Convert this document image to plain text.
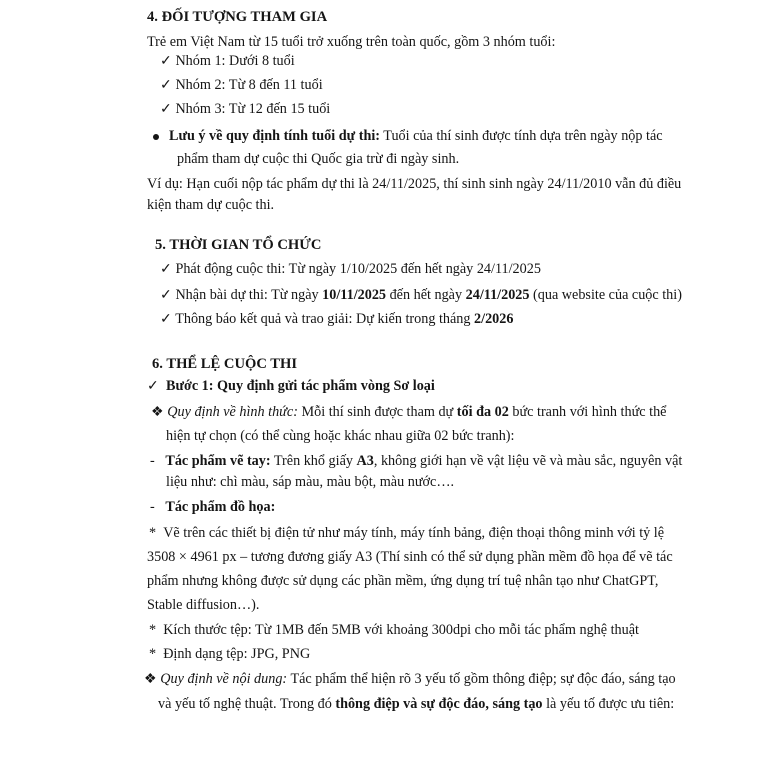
4. ĐỐI TƯỢNG THAM GIA
Trẻ em Việt Nam từ 15 tuổi trở xuống trên toàn quốc, gồm 3 nhóm tuổi:
✓ Nhóm 1: Dưới 8 tuổi
✓ Nhóm 2: Từ 8 đến 11 tuổi
✓ Nhóm 3: Từ 12 đến 15 tuổi
Lưu ý về quy định tính tuổi dự thi: Tuổi của thí sinh được tính dựa trên ngày nộp tác
phẩm tham dự cuộc thi Quốc gia trừ đi ngày sinh.
Ví dụ: Hạn cuối nộp tác phẩm dự thi là 24/11/2025, thí sinh sinh ngày 24/11/2010 vẫn đủ điều
kiện tham dự cuộc thi.
5. THỜI GIAN TỔ CHỨC
✓ Phát động cuộc thi: Từ ngày 1/10/2025 đến hết ngày 24/11/2025
✓ Nhận bài dự thi: Từ ngày 10/11/2025 đến hết ngày 24/11/2025 (qua website của cuộc thi)
✓ Thông báo kết quả và trao giải: Dự kiến trong tháng 2/2026
6. THỂ LỆ CUỘC THI
✓ Bước 1: Quy định gửi tác phẩm vòng Sơ loại
❖ Quy định về hình thức: Mỗi thí sinh được tham dự tối đa 02 bức tranh với hình thức thể
hiện tự chọn (có thể cùng hoặc khác nhau giữa 02 bức tranh):
- Tác phẩm vẽ tay: Trên khổ giấy A3, không giới hạn về vật liệu vẽ và màu sắc, nguyên vật
liệu như: chì màu, sáp màu, màu bột, màu nước….
- Tác phẩm đồ họa:
* Vẽ trên các thiết bị điện tử như máy tính, máy tính bảng, điện thoại thông minh với tỷ lệ
3508 × 4961 px – tương đương giấy A3 (Thí sinh có thể sử dụng phần mềm đồ họa để vẽ tác
phẩm nhưng không được sử dụng các phần mềm, ứng dụng trí tuệ nhân tạo như ChatGPT,
Stable diffusion…).
* Kích thước tệp: Từ 1MB đến 5MB với khoảng 300dpi cho mỗi tác phẩm nghệ thuật
* Định dạng tệp: JPG, PNG
❖ Quy định về nội dung: Tác phẩm thể hiện rõ 3 yếu tố gồm thông điệp; sự độc đáo, sáng tạo
và yếu tố nghệ thuật. Trong đó thông điệp và sự độc đáo, sáng tạo là yếu tố được ưu tiên:
